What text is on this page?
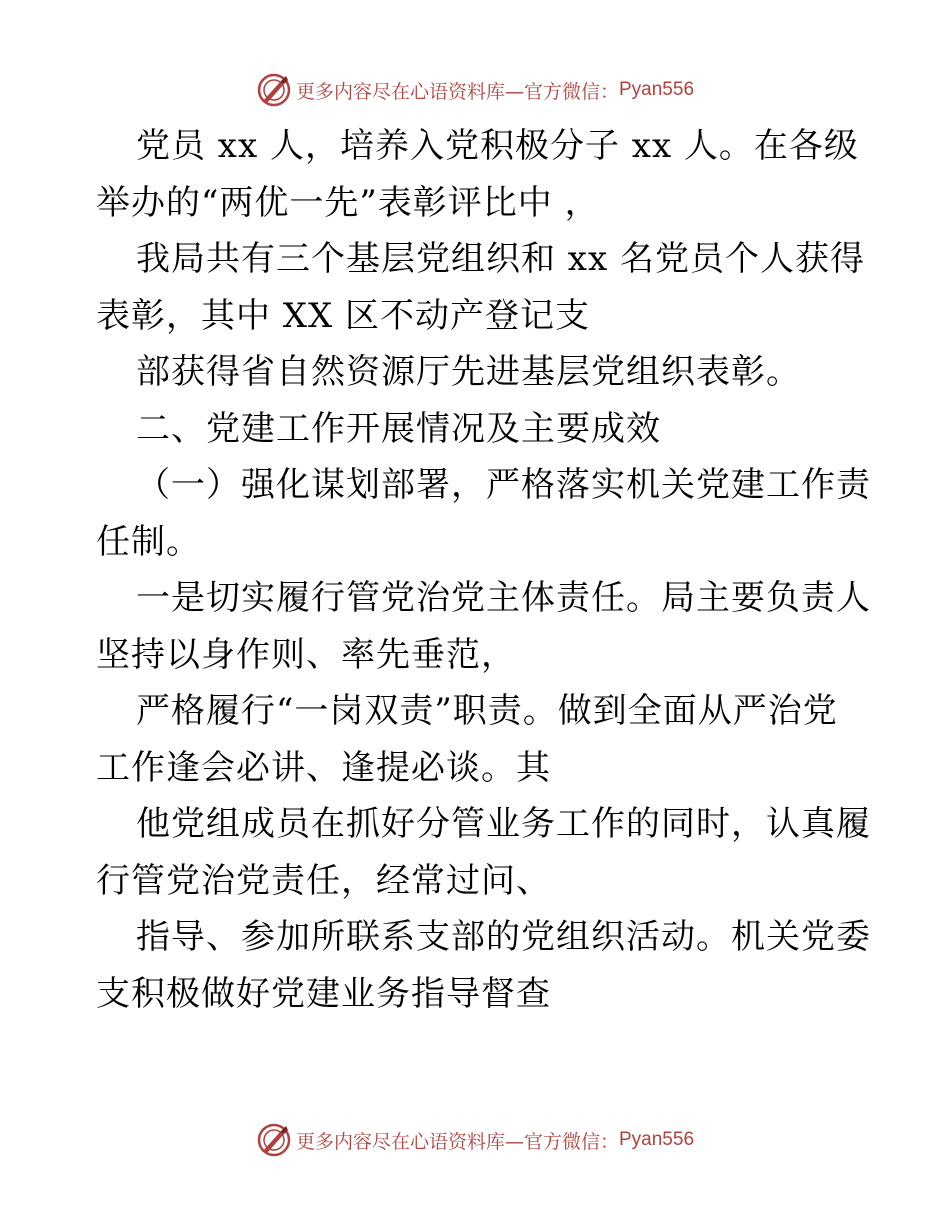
更多内容尽在心语资料库 —官方微信： Pyan556
党员 xx 人，培养入党积极分子 xx 人。在各级
举办的“两优一先”表彰评比中 ，
我局共有三个基层党组织和 xx 名党员个人获得
表彰，其中 XX 区不动产登记支
部获得省自然资源厅先进基层党组织表彰。
二、党建工作开展情况及主要成效
（一）强化谋划部署，严格落实机关党建工作责
任制。
一是切实履行管党治党主体责任。局主要负责人
坚持以身作则、率先垂范，
严格履行“一岗双责”职责。做到全面从严治党
工作逢会必讲、逢提必谈。其
他党组成员在抓好分管业务工作的同时，认真履
行管党治党责任，经常过问、
指导、参加所联系支部的党组织活动。机关党委
支积极做好党建业务指导督查
更多内容尽在心语资料库 —官方微信： Pyan556
